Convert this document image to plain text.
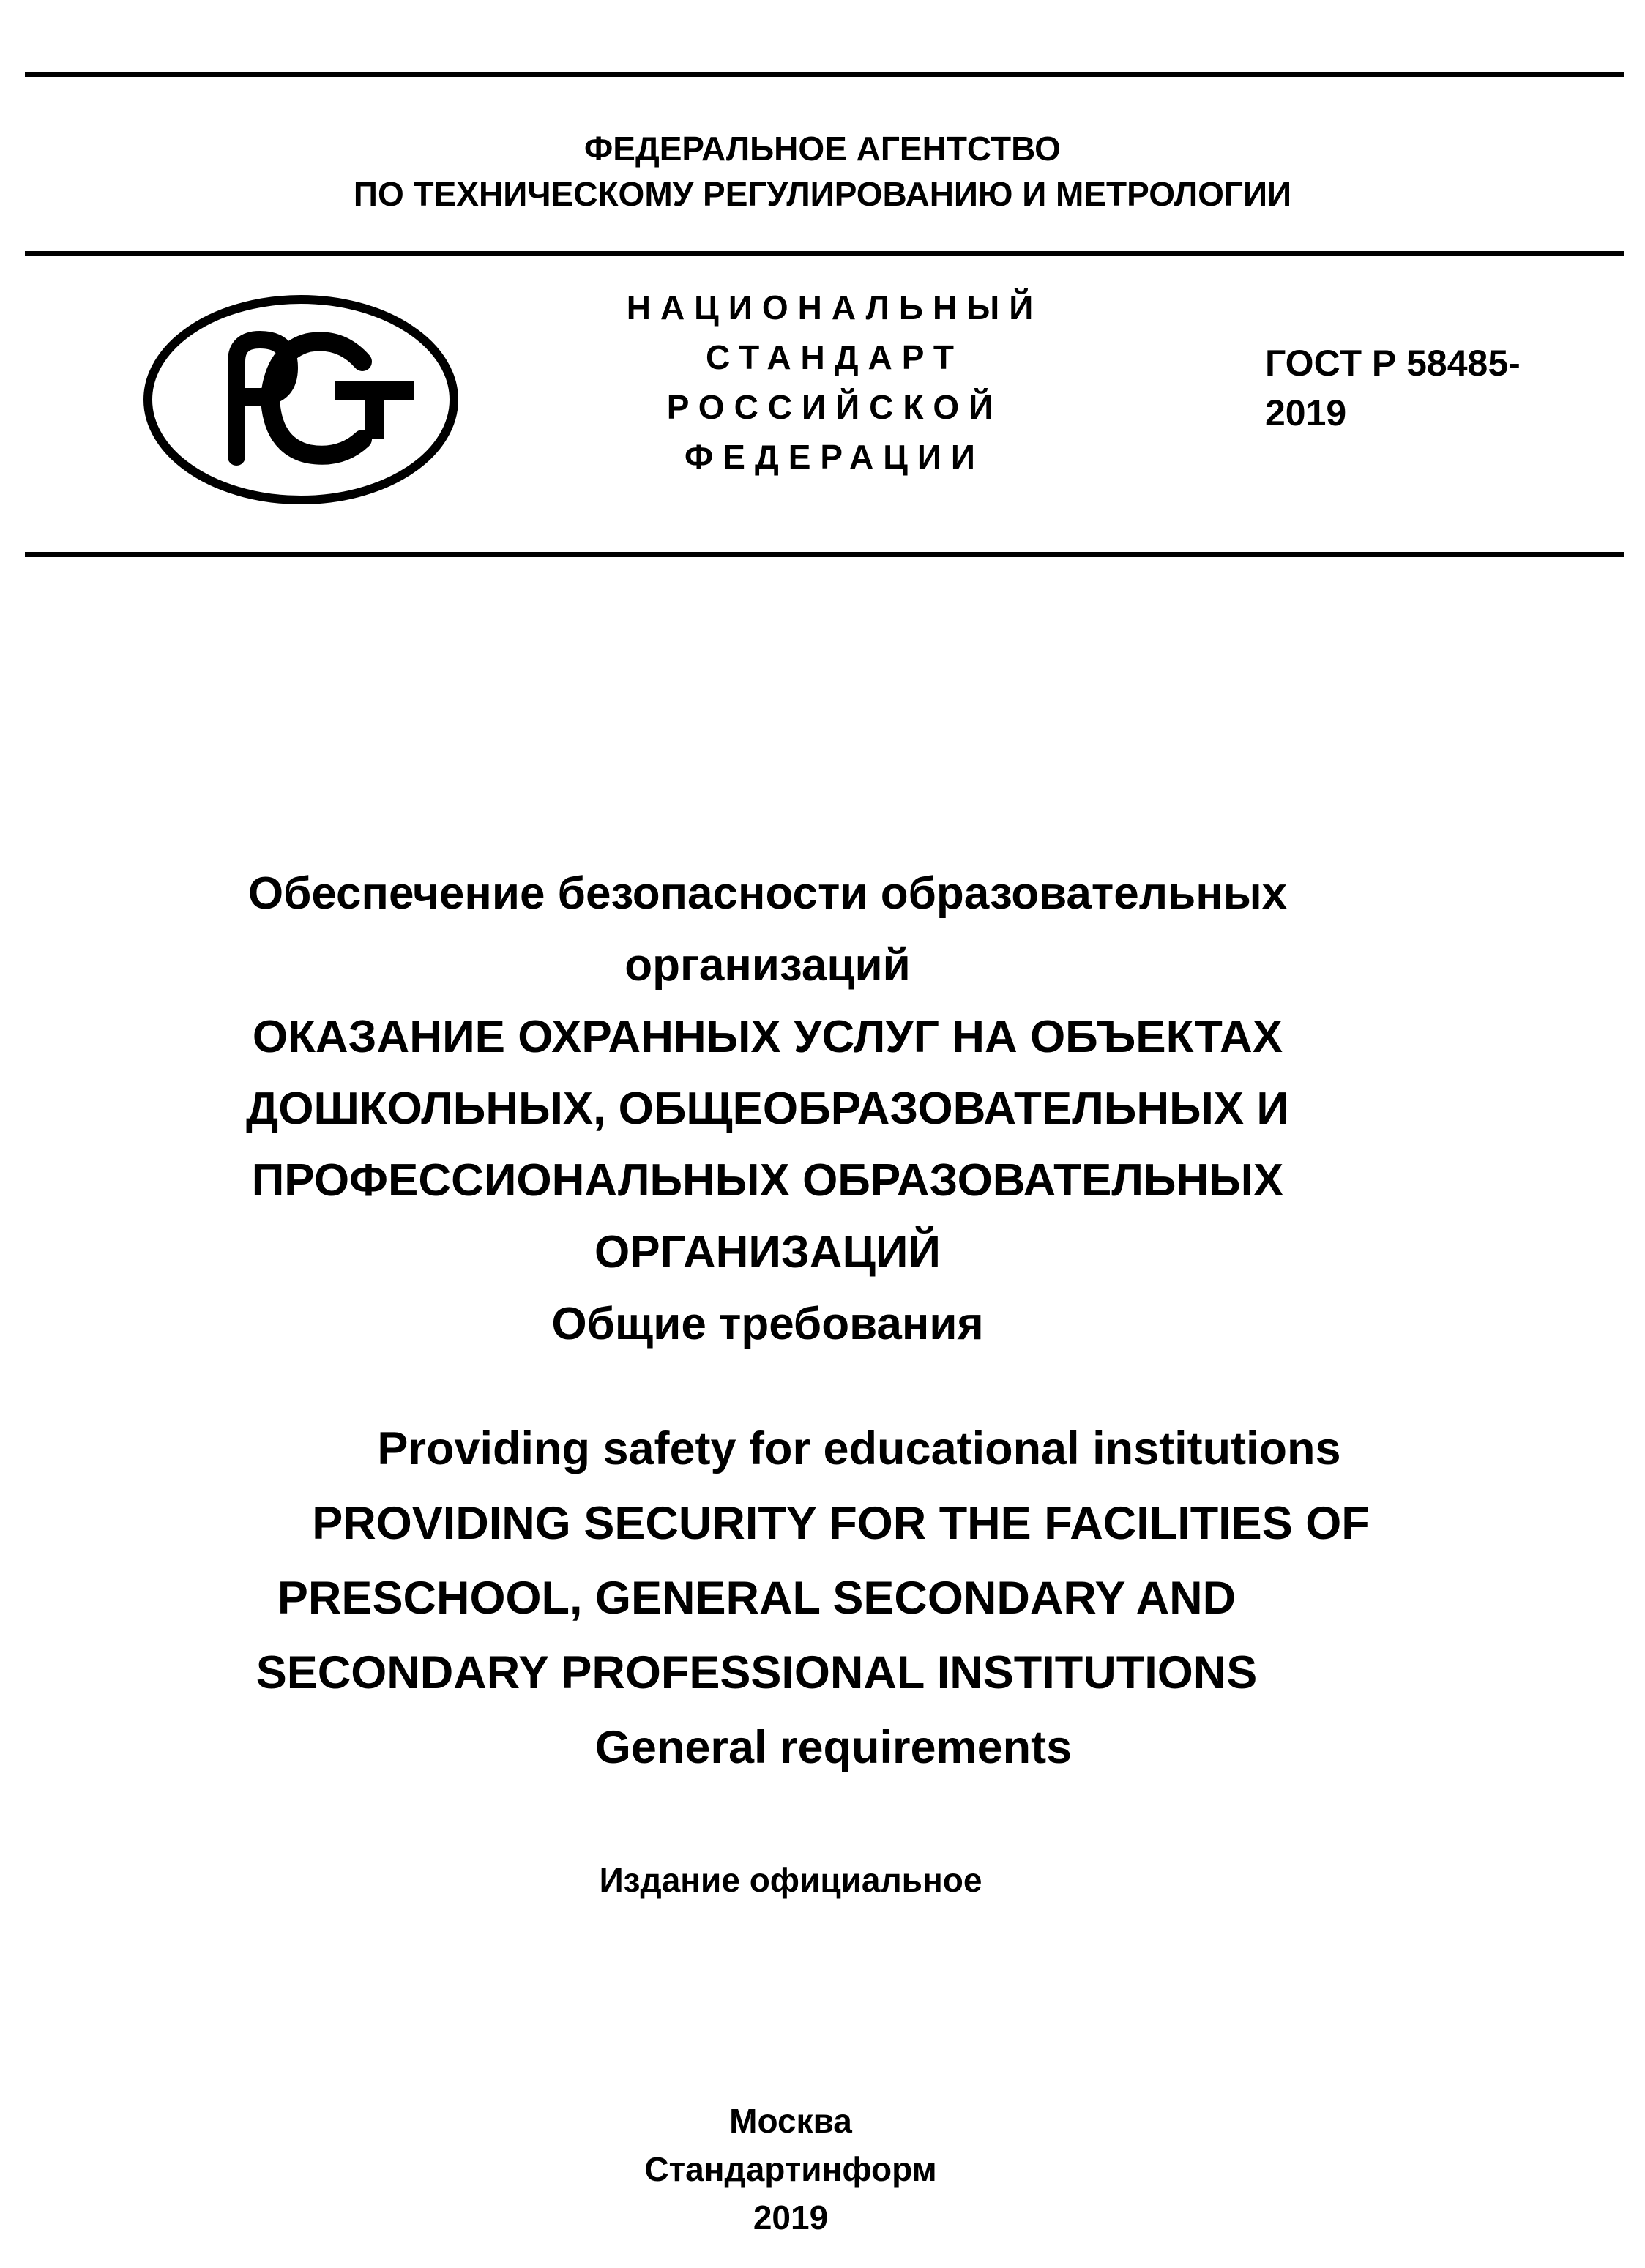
ФЕДЕРАЛЬНОЕ АГЕНТСТВО
ПО ТЕХНИЧЕСКОМУ РЕГУЛИРОВАНИЮ И МЕТРОЛОГИИ
НАЦИОНАЛЬНЫЙ
СТАНДАРТ
РОССИЙСКОЙ
ФЕДЕРАЦИИ
ГОСТ Р 58485-
2019
Обеспечение безопасности образовательных
организаций
ОКАЗАНИЕ ОХРАННЫХ УСЛУГ НА ОБЪЕКТАХ
ДОШКОЛЬНЫХ, ОБЩЕОБРАЗОВАТЕЛЬНЫХ И
ПРОФЕССИОНАЛЬНЫХ ОБРАЗОВАТЕЛЬНЫХ
ОРГАНИЗАЦИЙ
Общие требования
Providing safety for educational institutions
PROVIDING SECURITY FOR THE FACILITIES OF
PRESCHOOL, GENERAL SECONDARY AND
SECONDARY PROFESSIONAL INSTITUTIONS
General requirements
Издание официальное
Москва
Стандартинформ
2019
